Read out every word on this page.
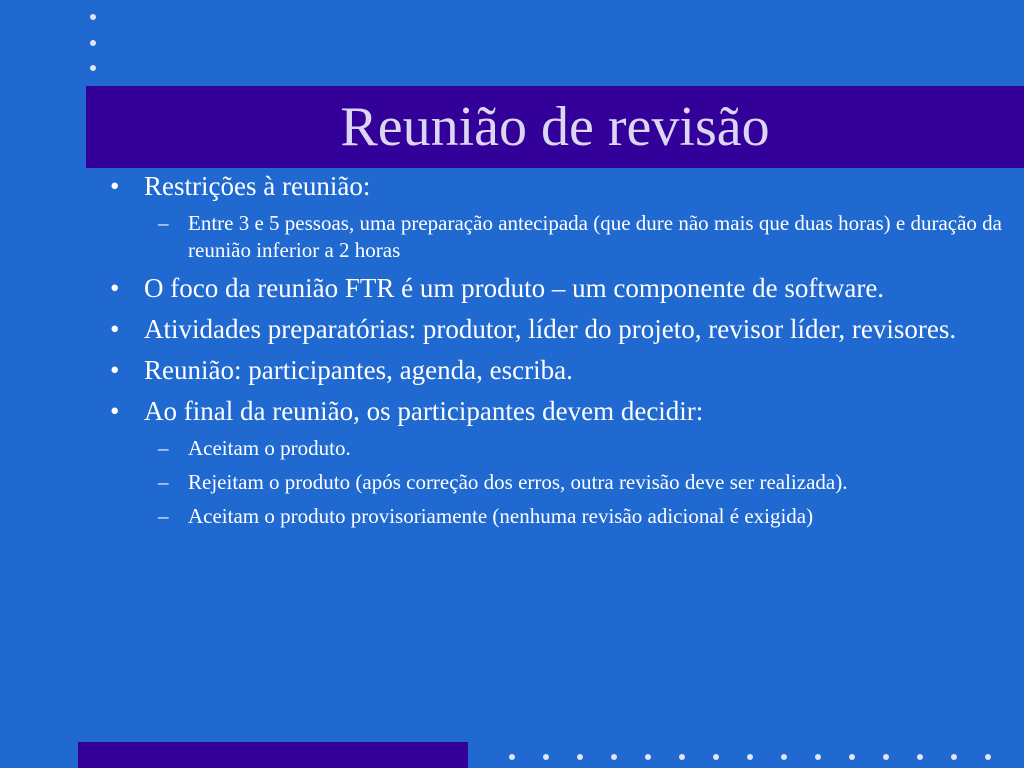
Reunião de revisão

• Restrições à reunião:

– Entre 3 e 5 pessoas, uma preparação antecipada (que dure não mais que duas horas) e duração da reunião inferior a 2 horas

• O foco da reunião FTR é um produto – um componente de software.

• Atividades preparatórias: produtor, líder do projeto, revisor líder, revisores.

• Reunião: participantes, agenda, escriba.

• Ao final da reunião, os participantes devem decidir:

– Aceitam o produto.

– Rejeitam o produto (após correção dos erros, outra revisão deve ser realizada).

– Aceitam o produto provisoriamente (nenhuma revisão adicional é exigida)
